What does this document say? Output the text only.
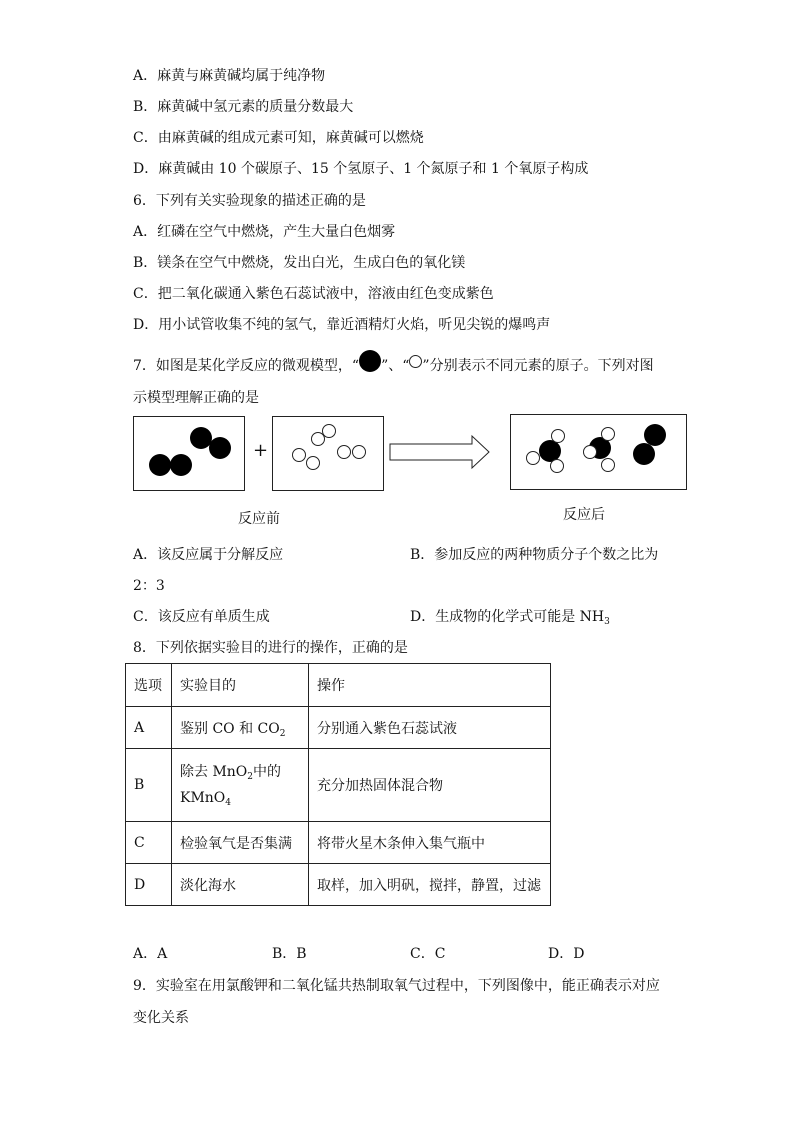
A．麻黄与麻黄碱均属于纯净物
B．麻黄碱中氢元素的质量分数最大
C．由麻黄碱的组成元素可知，麻黄碱可以燃烧
D．麻黄碱由 10 个碳原子、15 个氢原子、1 个氮原子和 1 个氧原子构成
6．下列有关实验现象的描述正确的是
A．红磷在空气中燃烧，产生大量白色烟雾
B．镁条在空气中燃烧，发出白光，生成白色的氧化镁
C．把二氧化碳通入紫色石蕊试液中，溶液由红色变成紫色
D．用小试管收集不纯的氢气，靠近酒精灯火焰，听见尖锐的爆鸣声
7．如图是某化学反应的微观模型，“ ”、“ ”分别表示不同元素的原子。下列对图
示模型理解正确的是
+
反应前	反应后
A．该反应属于分解反应	B．参加反应的两种物质分子个数之比为
2：3
C．该反应有单质生成	D．生成物的化学式可能是 $NH_3$
8．下列依据实验目的进行的操作，正确的是
选项	实验目的	操作
A	鉴别 CO 和 $CO_2$	分别通入紫色石蕊试液
B	除去 MnO$_2$中的
KMnO$_4$	充分加热固体混合物
C	检验氧气是否集满	将带火星木条伸入集气瓶中
D	淡化海水	取样，加入明矾，搅拌，静置，过滤
A．A	B．B	C．C	D．D
9．实验室在用氯酸钾和二氧化锰共热制取氧气过程中，下列图像中，能正确表示对应
变化关系
